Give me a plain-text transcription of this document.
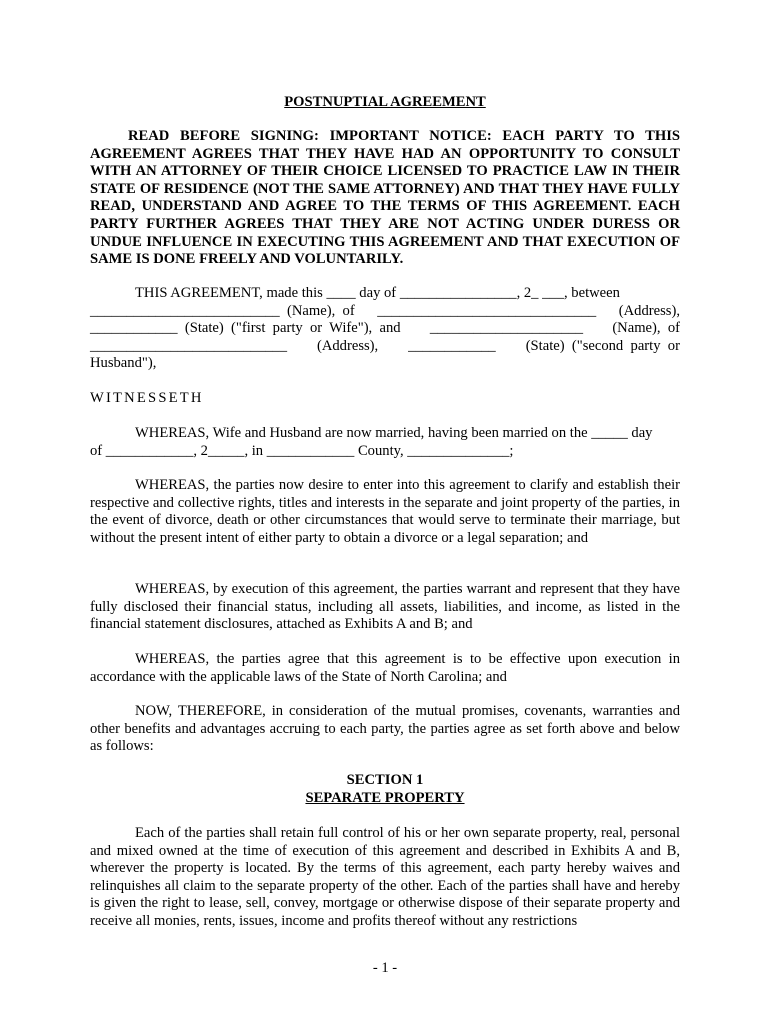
POSTNUPTIAL AGREEMENT
READ BEFORE SIGNING: IMPORTANT NOTICE: EACH PARTY TO THIS AGREEMENT AGREES THAT THEY HAVE HAD AN OPPORTUNITY TO CONSULT WITH AN ATTORNEY OF THEIR CHOICE LICENSED TO PRACTICE LAW IN THEIR STATE OF RESIDENCE (NOT THE SAME ATTORNEY) AND THAT THEY HAVE FULLY READ, UNDERSTAND AND AGREE TO THE TERMS OF THIS AGREEMENT. EACH PARTY FURTHER AGREES THAT THEY ARE NOT ACTING UNDER DURESS OR UNDUE INFLUENCE IN EXECUTING THIS AGREEMENT AND THAT EXECUTION OF SAME IS DONE FREELY AND VOLUNTARILY.
THIS AGREEMENT, made this ____ day of ________________, 2_ ___, between
__________________________  (Name),  of ______________________________ (Address),
____________  (State)  ("first  party  or  Wife"),  and _____________________ (Name),  of
___________________________ (Address), ____________ (State)  ("second  party  or
Husband"),
WITNESSETH
WHEREAS, Wife and Husband are now married, having been married on the _____ day
of ____________, 2_____, in ____________ County, ______________;
WHEREAS, the parties now desire to enter into this agreement to clarify and establish their respective and collective rights, titles and interests in the separate and joint property of the parties, in the event of divorce, death or other circumstances that would serve to terminate their marriage, but without the present intent of either party to obtain a divorce or a legal separation; and
WHEREAS, by execution of this agreement, the parties warrant and represent that they have fully disclosed their financial status, including all assets, liabilities, and income, as listed in the financial statement disclosures, attached as Exhibits A and B; and
WHEREAS, the parties agree that this agreement is to be effective upon execution in accordance with the applicable laws of the State of North Carolina; and
NOW, THEREFORE, in consideration of the mutual promises, covenants, warranties and other benefits and advantages accruing to each party, the parties agree as set forth above and below as follows:
SECTION 1
SEPARATE PROPERTY
Each of the parties shall retain full control of his or her own separate property, real, personal and mixed owned at the time of execution of this agreement and described in Exhibits A and B, wherever the property is located. By the terms of this agreement, each party hereby waives and relinquishes all claim to the separate property of the other. Each of the parties shall have and hereby is given the right to lease, sell, convey, mortgage or otherwise dispose of their separate property and receive all monies, rents, issues, income and profits thereof without any restrictions
- 1 -
